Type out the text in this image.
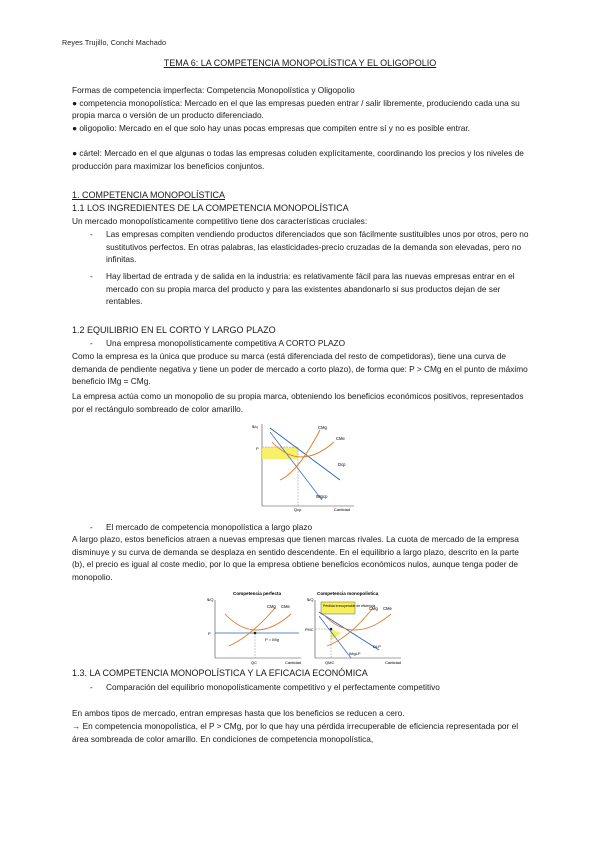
Reyes Trujillo, Conchi Machado
TEMA 6: LA COMPETENCIA MONOPOLÍSTICA Y EL OLIGOPOLIO

Formas de competencia imperfecta: Competencia Monopolística y Oligopolio

● competencia monopolística: Mercado en el que las empresas pueden entrar / salir libremente, produciendo cada una su propia marca o versión de un producto diferenciado.

● oligopolio: Mercado en el que solo hay unas pocas empresas que compiten entre sí y no es posible entrar.

● cártel: Mercado en el que algunas o todas las empresas coluden explícitamente, coordinando los precios y los niveles de producción para maximizar los beneficios conjuntos.

1. COMPETENCIA MONOPOLÍSTICA
1.1 LOS INGREDIENTES DE LA COMPETENCIA MONOPOLÍSTICA

Un mercado monopolísticamente competitivo tiene dos características cruciales:

- Las empresas compiten vendiendo productos diferenciados que son fácilmente sustituibles unos por otros, pero no sustitutivos perfectos. En otras palabras, las elasticidades-precio cruzadas de la demanda son elevadas, pero no infinitas.

- Hay libertad de entrada y de salida en la industria: es relativamente fácil para las nuevas empresas entrar en el mercado con su propia marca del producto y para las existentes abandonarlo si sus productos dejan de ser rentables.

1.2 EQUILIBRIO EN EL CORTO Y LARGO PLAZO
- Una empresa monopolísticamente competitiva A CORTO PLAZO

Como la empresa es la única que produce su marca (está diferenciada del resto de competidoras), tiene una curva de demanda de pendiente negativa y tiene un poder de mercado a corto plazo), de forma que: P > CMg en el punto de máximo beneficio IMg = CMg.

La empresa actúa como un monopolio de su propia marca, obteniendo los beneficios económicos positivos, representados por el rectángulo sombreado de color amarillo.

$/q	CMg
CMe
Dcp
IMgcp
P
Qcp	Cantidad
- El mercado de competencia monopolística a largo plazo

A largo plazo, estos beneficios atraen a nuevas empresas que tienen marcas rivales. La cuota de mercado de la empresa disminuye y su curva de demanda se desplaza en sentido descendente. En el equilibrio a largo plazo, descrito en la parte (b), el precio es igual al coste medio, por lo que la empresa obtiene beneficios económicos nulos, aunque tenga poder de monopolio.

Competencia perfecta
$/Q
CMg CMe
P = IMg
P
QC	Cantidad
Competencia monopolística
$/Q
Pérdida irrecuperable de eficiencia
CMg CMe
PMC
DLP
IMgLP
QMC	Cantidad
1.3. LA COMPETENCIA MONOPOLÍSTICA Y LA EFICACIA ECONÓMICA
- Comparación del equilibrio monopolísticamente competitivo y el perfectamente competitivo

En ambos tipos de mercado, entran empresas hasta que los beneficios se reducen a cero.

→ En competencia monopolística, el P > CMg, por lo que hay una pérdida irrecuperable de eficiencia representada por el área sombreada de color amarillo. En condiciones de competencia monopolística,
